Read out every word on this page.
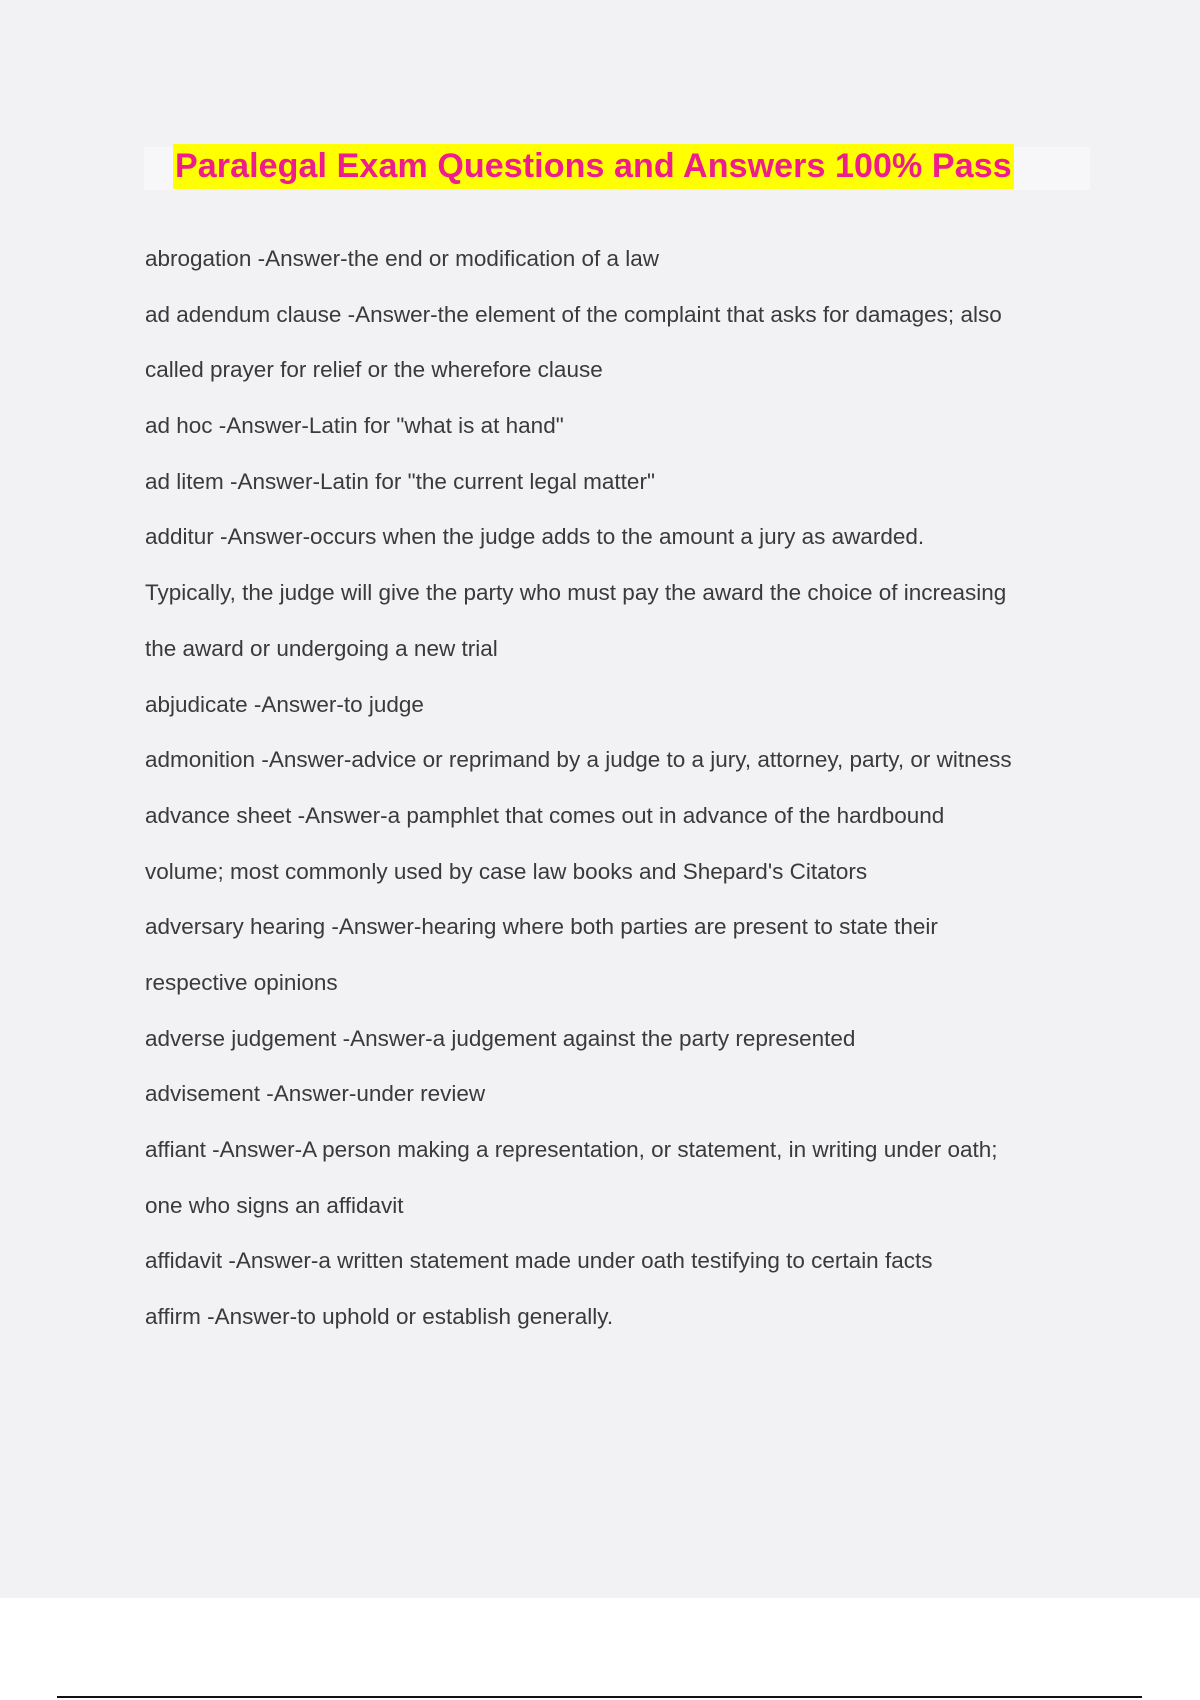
Paralegal Exam Questions and Answers 100% Pass
abrogation -Answer-the end or modification of a law
ad adendum clause -Answer-the element of the complaint that asks for damages; also
called prayer for relief or the wherefore clause
ad hoc -Answer-Latin for "what is at hand"
ad litem -Answer-Latin for "the current legal matter"
additur -Answer-occurs when the judge adds to the amount a jury as awarded.
Typically, the judge will give the party who must pay the award the choice of increasing
the award or undergoing a new trial
abjudicate -Answer-to judge
admonition -Answer-advice or reprimand by a judge to a jury, attorney, party, or witness
advance sheet -Answer-a pamphlet that comes out in advance of the hardbound
volume; most commonly used by case law books and Shepard's Citators
adversary hearing -Answer-hearing where both parties are present to state their
respective opinions
adverse judgement -Answer-a judgement against the party represented
advisement -Answer-under review
affiant -Answer-A person making a representation, or statement, in writing under oath;
one who signs an affidavit
affidavit -Answer-a written statement made under oath testifying to certain facts
affirm -Answer-to uphold or establish generally.
